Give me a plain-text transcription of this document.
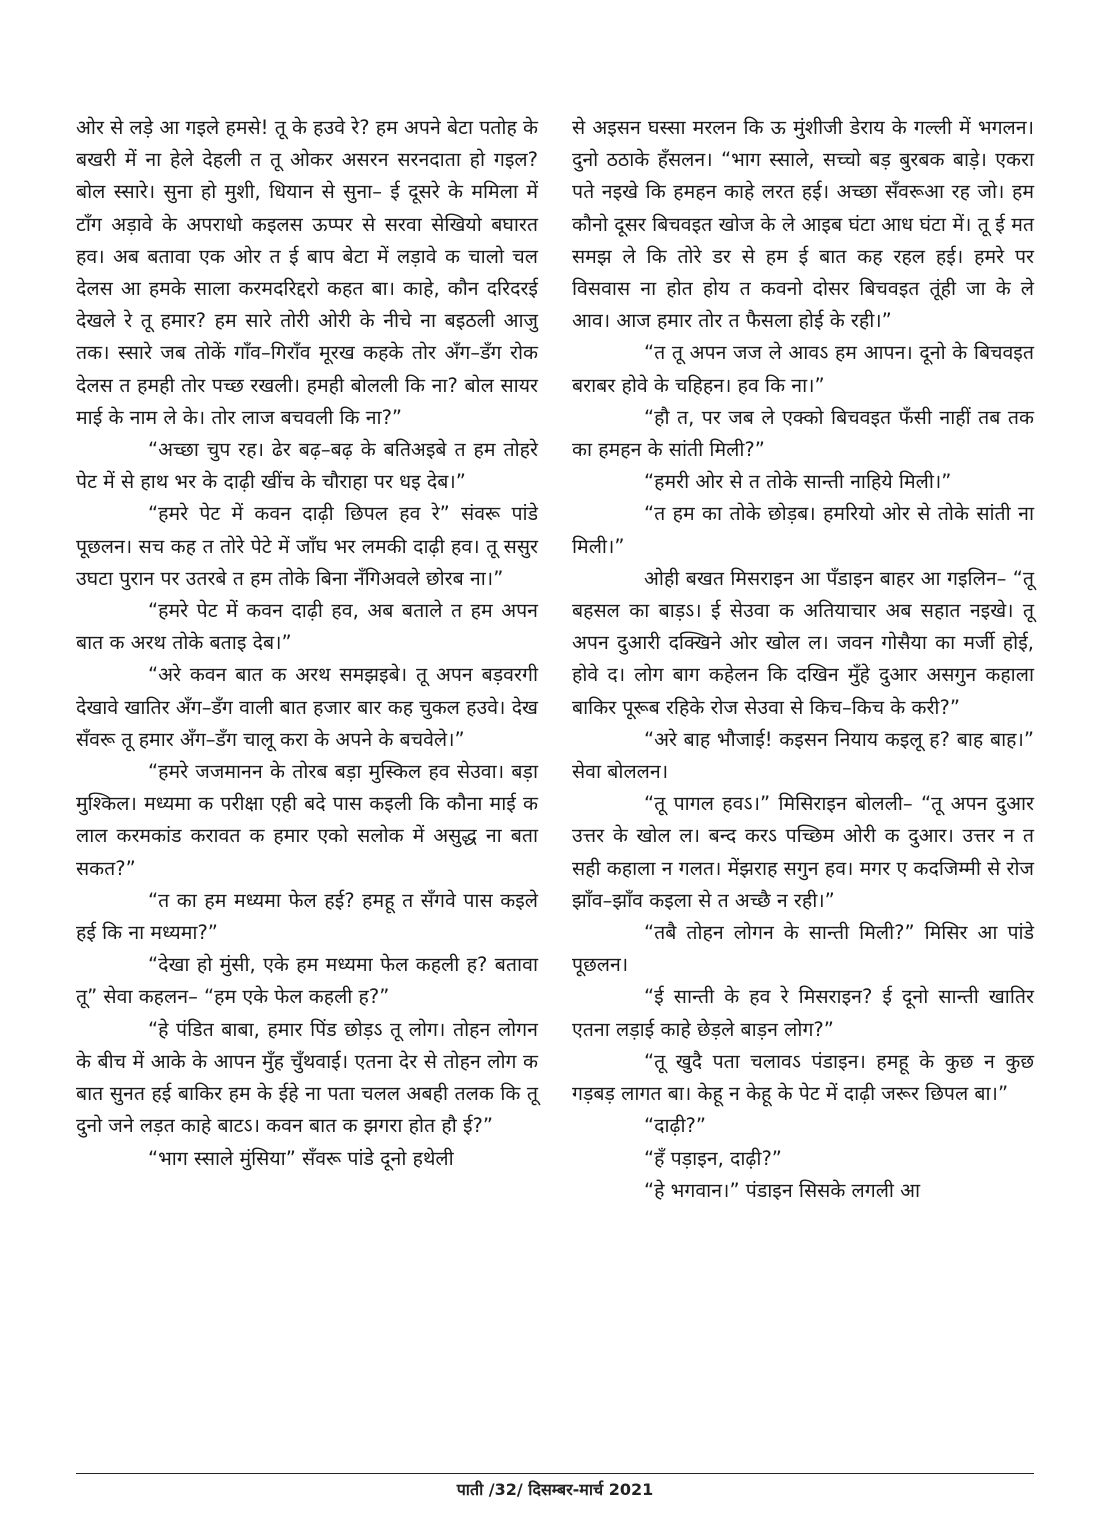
ओर से लड़े आ गइले हमसे! तू के हउवे रे? हम अपने बेटा पतोह के बखरी में ना हेले देहली त तू ओकर असरन सरनदाता हो गइल? बोल स्सारे। सुना हो मुशी, धियान से सुना– ई दूसरे के ममिला में टाँग अड़ावे के अपराधो कइलस ऊप्पर से सरवा सेखियो बघारत हव। अब बतावा एक ओर त ई बाप बेटा में लड़ावे क चालो चल देलस आ हमके साला करमदरिद्दरो कहत बा। काहे, कौन दरिदरई देखले रे तू हमार? हम सारे तोरी ओरी के नीचे ना बइठली आजु तक। स्सारे जब तोकें गाँव–गिराँव मूरख कहके तोर अँग–डँग रोक देलस त हमही तोर पच्छ रखली। हमही बोलली कि ना? बोल सायर माई के नाम ले के। तोर लाज बचवली कि ना?”

“अच्छा चुप रह। ढेर बढ़–बढ़ के बतिअइबे त हम तोहरे पेट में से हाथ भर के दाढ़ी खींच के चौराहा पर धइ देब।”

“हमरे पेट में कवन दाढ़ी छिपल हव रे” संवरू पांडे पूछलन। सच कह त तोरे पेटे में जाँघ भर लमकी दाढ़ी हव। तू ससुर उघटा पुरान पर उतरबे त हम तोके बिना नँगिअवले छोरब ना।”

“हमरे पेट में कवन दाढ़ी हव, अब बताले त हम अपन बात क अरथ तोके बताइ देब।”

“अरे कवन बात क अरथ समझइबे। तू अपन बड़वरगी देखावे खातिर अँग–डँग वाली बात हजार बार कह चुकल हउवे। देख सँवरू तू हमार अँग–डँग चालू करा के अपने के बचवेले।”

“हमरे जजमानन के तोरब बड़ा मुस्किल हव सेउवा। बड़ा मुश्किल। मध्यमा क परीक्षा एही बदे पास कइली कि कौना माई क लाल करमकांड करावत क हमार एको सलोक में असुद्ध ना बता सकत?”

“त का हम मध्यमा फेल हई? हमहू त सँगवे पास कइले हई कि ना मध्यमा?”

“देखा हो मुंसी, एके हम मध्यमा फेल कहली ह? बतावा तू” सेवा कहलन– “हम एके फेल कहली ह?”

“हे पंडित बाबा, हमार पिंड छोड़ऽ तू लोग। तोहन लोगन के बीच में आके के आपन मुँह चुँथवाई। एतना देर से तोहन लोग क बात सुनत हई बाकिर हम के ईहे ना पता चलल अबही तलक कि तू दुनो जने लड़त काहे बाटऽ। कवन बात क झगरा होत हौ ई?”

“भाग स्साले मुंसिया” सँवरू पांडे दूनो हथेली

से अइसन घस्सा मरलन कि ऊ मुंशीजी डेराय के गल्ली में भगलन। दुनो ठठाके हँसलन। “भाग स्साले, सच्चो बड़ बुरबक बाड़े। एकरा पते नइखे कि हमहन काहे लरत हई। अच्छा सँवरूआ रह जो। हम कौनो दूसर बिचवइत खोज के ले आइब घंटा आध घंटा में। तू ई मत समझ ले कि तोरे डर से हम ई बात कह रहल हई। हमरे पर विसवास ना होत होय त कवनो दोसर बिचवइत तूंही जा के ले आव। आज हमार तोर त फैसला होई के रही।”

“त तू अपन जज ले आवऽ हम आपन। दूनो के बिचवइत बराबर होवे के चहिहन। हव कि ना।”

“हौ त, पर जब ले एक्को बिचवइत फँसी नाहीं तब तक का हमहन के सांती मिली?”

“हमरी ओर से त तोके सान्ती नाहिये मिली।”

“त हम का तोके छोड़ब। हमरियो ओर से तोके सांती ना मिली।”

ओही बखत मिसराइन आ पँडाइन बाहर आ गइलिन– “तू बहसल का बाड़ऽ। ई सेउवा क अतियाचार अब सहात नइखे। तू अपन दुआरी दक्खिने ओर खोल ल। जवन गोसैया का मर्जी होई, होवे द। लोग बाग कहेलन कि दखिन मुँहे दुआर असगुन कहाला बाकिर पूरूब रहिके रोज सेउवा से किच–किच के करी?”

“अरे बाह भौजाई! कइसन नियाय कइलू ह? बाह बाह।” सेवा बोललन।

“तू पागल हवऽ।” मिसिराइन बोलली– “तू अपन दुआर उत्तर के खोल ल। बन्द करऽ पच्छिम ओरी क दुआर। उत्तर न त सही कहाला न गलत। मेंझराह सगुन हव। मगर ए कदजिम्मी से रोज झाँव–झाँव कइला से त अच्छै न रही।”

“तबै तोहन लोगन के सान्ती मिली?” मिसिर आ पांडे पूछलन।

“ई सान्ती के हव रे मिसराइन? ई दूनो सान्ती खातिर एतना लड़ाई काहे छेड़ले बाड़न लोग?”

“तू खुदै पता चलावऽ पंडाइन। हमहू के कुछ न कुछ गड़बड़ लागत बा। केहू न केहू के पेट में दाढ़ी जरूर छिपल बा।”

“दाढ़ी?”

“हँ पड़ाइन, दाढ़ी?”

“हे भगवान।” पंडाइन सिसके लगली आ

पाती /32/ दिसम्बर-मार्च 2021
